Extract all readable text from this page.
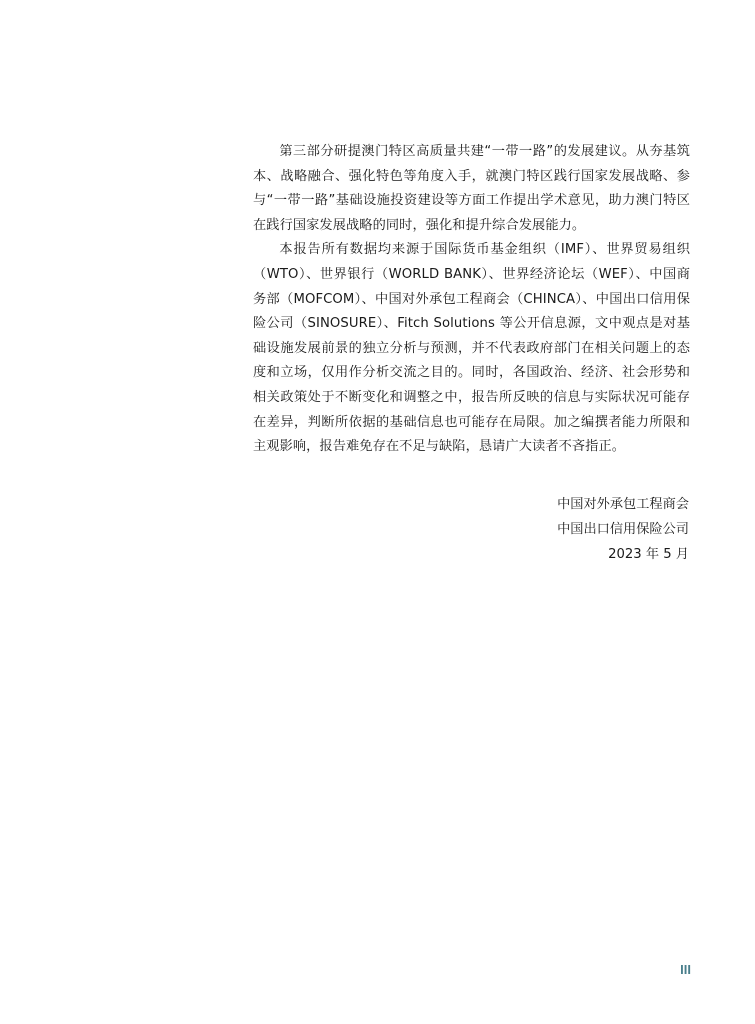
第三部分研提澳门特区高质量共建“一带一路”的发展建议。从夯基筑本、战略融合、强化特色等角度入手，就澳门特区践行国家发展战略、参与“一带一路”基础设施投资建设等方面工作提出学术意见，助力澳门特区在践行国家发展战略的同时，强化和提升综合发展能力。

本报告所有数据均来源于国际货币基金组织（IMF）、世界贸易组织（WTO）、世界银行（WORLD BANK）、世界经济论坛（WEF）、中国商务部（MOFCOM）、中国对外承包工程商会（CHINCA）、中国出口信用保险公司（SINOSURE）、Fitch Solutions 等公开信息源，文中观点是对基础设施发展前景的独立分析与预测，并不代表政府部门在相关问题上的态度和立场，仅用作分析交流之目的。同时，各国政治、经济、社会形势和相关政策处于不断变化和调整之中，报告所反映的信息与实际状况可能存在差异，判断所依据的基础信息也可能存在局限。加之编撰者能力所限和主观影响，报告难免存在不足与缺陷，恳请广大读者不吝指正。

中国对外承包工程商会
中国出口信用保险公司
2023 年 5 月
III
